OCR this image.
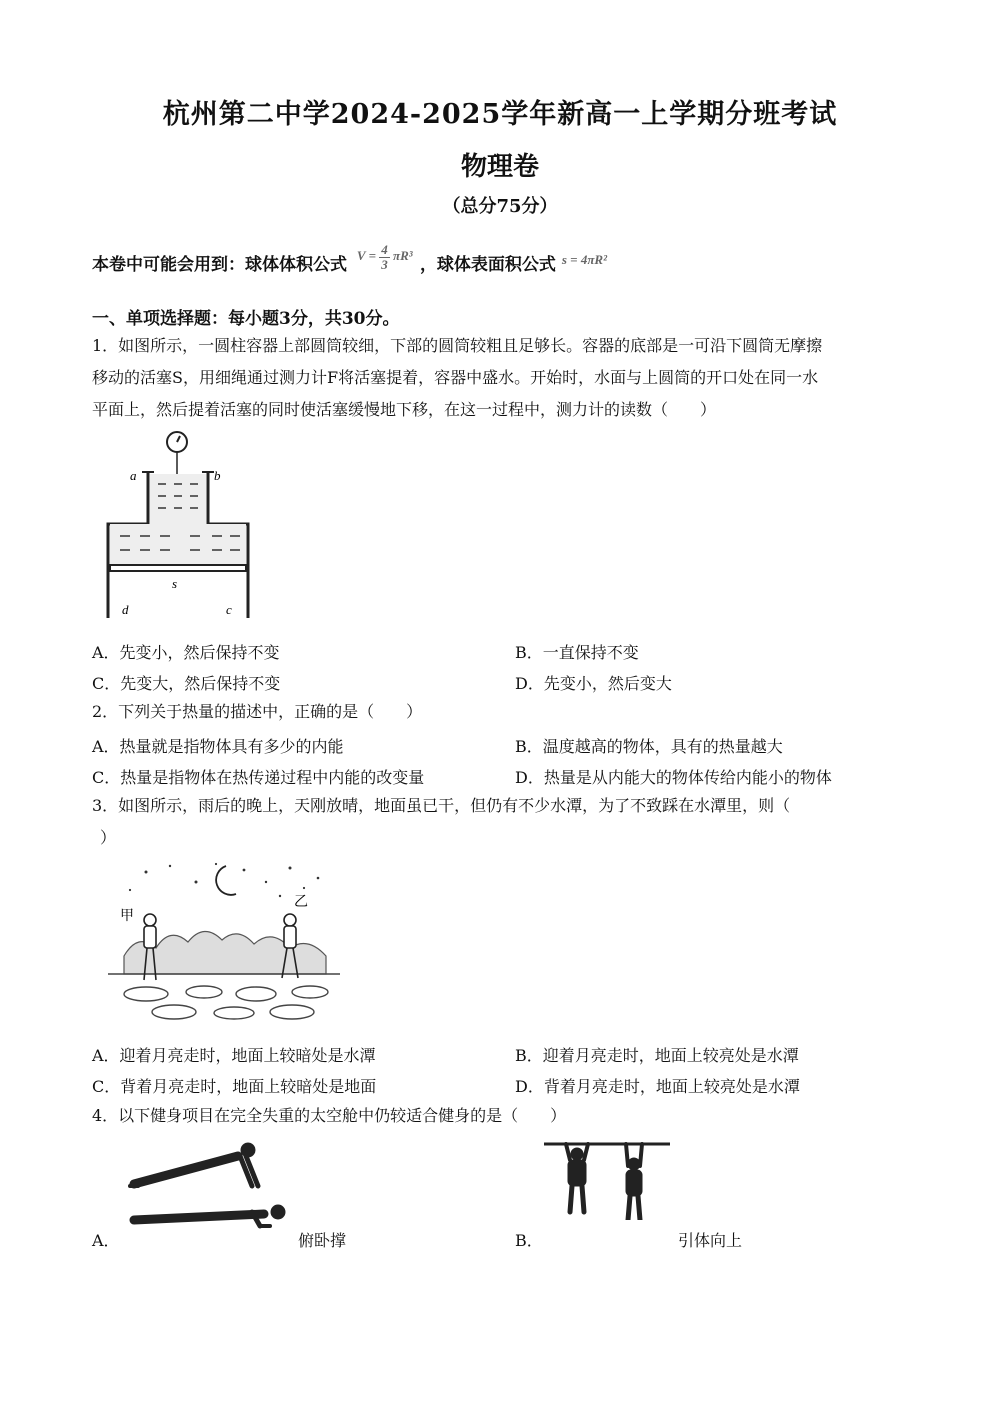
杭州第二中学2024-2025学年新高一上学期分班考试
物理卷
（总分75分）
本卷中可能会用到：球体体积公式 $^{V = \frac{4}{3} \pi R^3}$ ，球体表面积公式 $^{s = 4\pi R^2}$
一、单项选择题：每小题3分，共30分。
1．如图所示，一圆柱容器上部圆筒较细，下部的圆筒较粗且足够长。容器的底部是一可沿下圆筒无摩擦
移动的活塞S，用细绳通过测力计F将活塞提着，容器中盛水。开始时，水面与上圆筒的开口处在同一水
平面上，然后提着活塞的同时使活塞缓慢地下移，在这一过程中，测力计的读数（　　）
a	b
s
d	c
A．先变小，然后保持不变	B．一直保持不变
C．先变大，然后保持不变	D．先变小，然后变大
2．下列关于热量的描述中，正确的是（　　）
A．热量就是指物体具有多少的内能	B．温度越高的物体，具有的热量越大
C．热量是指物体在热传递过程中内能的改变量	D．热量是从内能大的物体传给内能小的物体
3．如图所示，雨后的晚上，天刚放晴，地面虽已干，但仍有不少水潭，为了不致踩在水潭里，则（
）
甲
乙
A．迎着月亮走时，地面上较暗处是水潭	B．迎着月亮走时，地面上较亮处是水潭
C．背着月亮走时，地面上较暗处是地面	D．背着月亮走时，地面上较亮处是水潭
4．以下健身项目在完全失重的太空舱中仍较适合健身的是（　　）
A．	俯卧撑	B．	引体向上
